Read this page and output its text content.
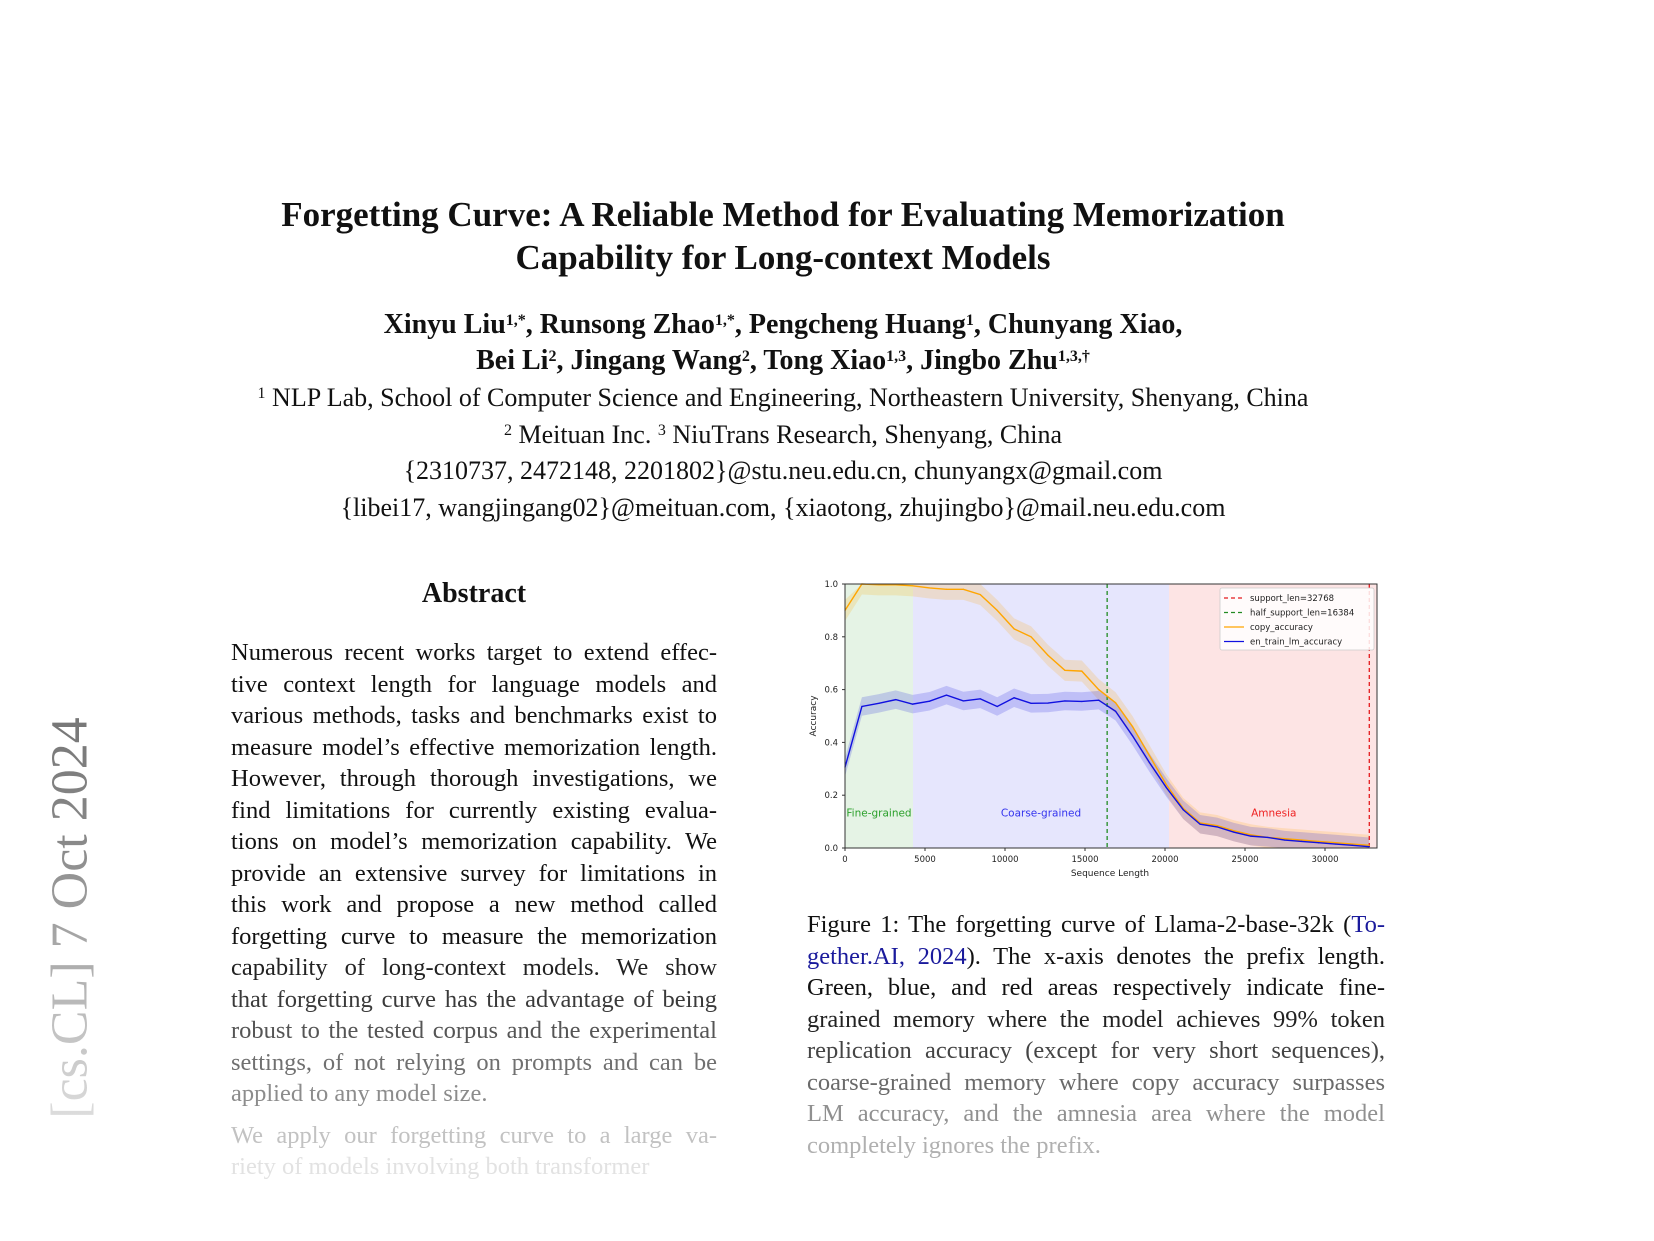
[cs.CL] 7 Oct 2024
Forgetting Curve: A Reliable Method for Evaluating Memorization
Capability for Long-context Models
Xinyu Liu$^{1,*}$, Runsong Zhao$^{1,*}$, Pengcheng Huang$^1$, Chunyang Xiao,
Bei Li$^2$, Jingang Wang$^2$, Tong Xiao$^{1,3}$, Jingbo Zhu$^{1,3,\dagger}$
$^1$ NLP Lab, School of Computer Science and Engineering, Northeastern University, Shenyang, China
$^2$ Meituan Inc. $^3$ NiuTrans Research, Shenyang, China
{2310737, 2472148, 2201802}@stu.neu.edu.cn, chunyangx@gmail.com
{libei17, wangjingang02}@meituan.com, {xiaotong, zhujingbo}@mail.neu.edu.com
Abstract
Numerous recent works target to extend effec-
tive context length for language models and
various methods, tasks and benchmarks exist to
measure model’s effective memorization length.
However, through thorough investigations, we
find limitations for currently existing evalua-
tions on model’s memorization capability. We
provide an extensive survey for limitations in
this work and propose a new method called
forgetting curve to measure the memorization
capability of long-context models. We show
that forgetting curve has the advantage of being
robust to the tested corpus and the experimental
settings, of not relying on prompts and can be
applied to any model size.
We apply our forgetting curve to a large va-
riety of models involving both transformer
0	5000	10000	15000	20000	25000	30000
0.0
0.2
0.4
0.6
0.8
1.0
Sequence Length
Accuracy
Fine-grained	Coarse-grained	Amnesia
support_len=32768
half_support_len=16384
copy_accuracy
en_train_lm_accuracy
Figure 1: The forgetting curve of Llama-2-base-32k (To-
gether.AI, 2024). The x-axis denotes the prefix length.
Green, blue, and red areas respectively indicate fine-
grained memory where the model achieves 99% token
replication accuracy (except for very short sequences),
coarse-grained memory where copy accuracy surpasses
LM accuracy, and the amnesia area where the model
completely ignores the prefix.
